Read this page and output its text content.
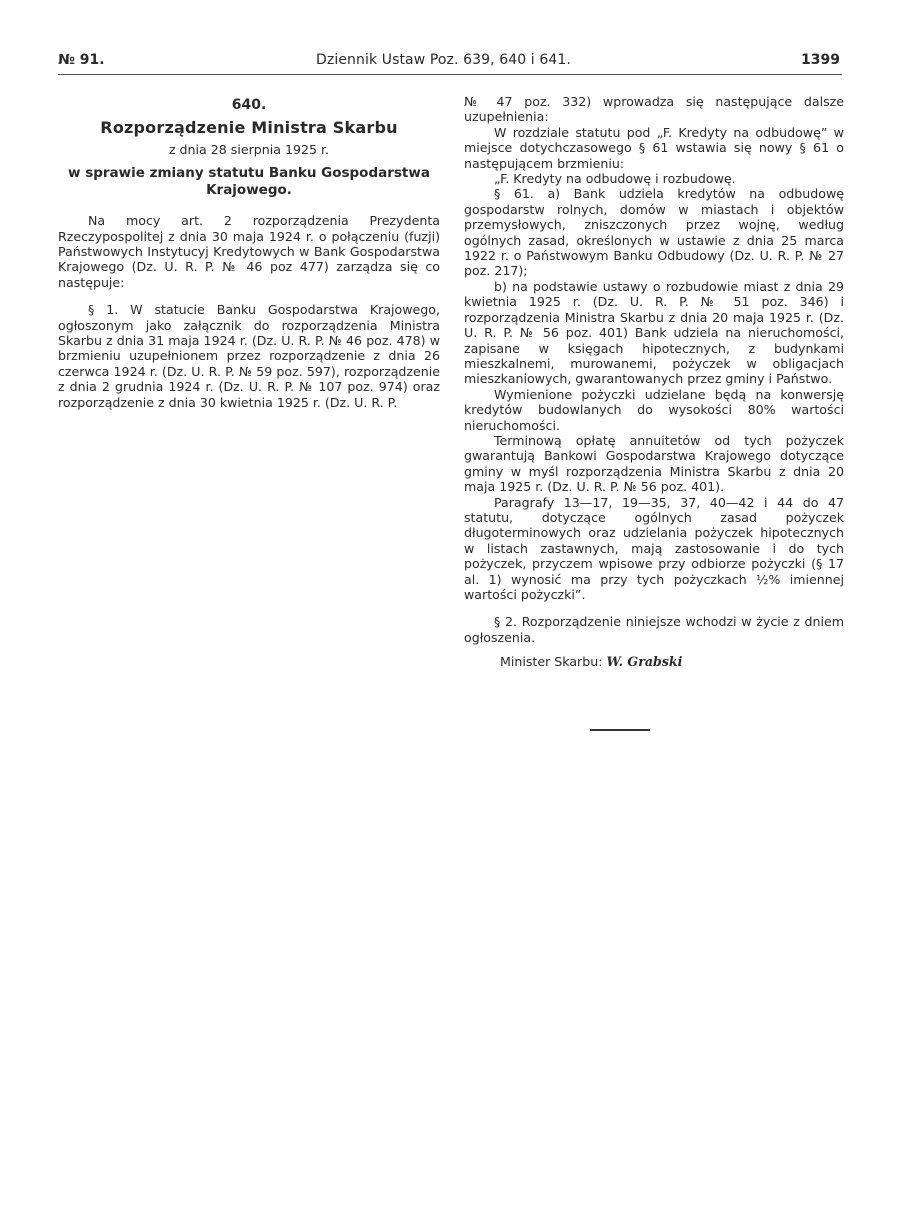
№ 91.	Dziennik Ustaw Poz. 639, 640 i 641.	1399

640.

Rozporządzenie Ministra Skarbu

z dnia 28 sierpnia 1925 r.

w sprawie zmiany statutu Banku Gospodarstwa Krajowego.

Na mocy art. 2 rozporządzenia Prezydenta Rzeczypospolitej z dnia 30 maja 1924 r. o połączeniu (fuzji) Państwowych Instytucyj Kredytowych w Bank Gospodarstwa Krajowego (Dz. U. R. P. № 46 poz 477) zarządza się co następuje:

§ 1. W statucie Banku Gospodarstwa Krajowego, ogłoszonym jako załącznik do rozporządzenia Ministra Skarbu z dnia 31 maja 1924 r. (Dz. U. R. P. № 46 poz. 478) w brzmieniu uzupełnionem przez rozporządzenie z dnia 26 czerwca 1924 r. (Dz. U. R. P. № 59 poz. 597), rozporządzenie z dnia 2 grudnia 1924 r. (Dz. U. R. P. № 107 poz. 974) oraz rozporządzenie z dnia 30 kwietnia 1925 r. (Dz. U. R. P.

№ 47 poz. 332) wprowadza się następujące dalsze uzupełnienia:

W rozdziale statutu pod „F. Kredyty na odbudowę” w miejsce dotychczasowego § 61 wstawia się nowy § 61 o następującem brzmieniu:

„F. Kredyty na odbudowę i rozbudowę.

§ 61. a) Bank udziela kredytów na odbudowę gospodarstw rolnych, domów w miastach i objektów przemysłowych, zniszczonych przez wojnę, według ogólnych zasad, określonych w ustawie z dnia 25 marca 1922 r. o Państwowym Banku Odbudowy (Dz. U. R. P. № 27 poz. 217);

b) na podstawie ustawy o rozbudowie miast z dnia 29 kwietnia 1925 r. (Dz. U. R. P. № 51 poz. 346) i rozporządzenia Ministra Skarbu z dnia 20 maja 1925 r. (Dz. U. R. P. № 56 poz. 401) Bank udziela na nieruchomości, zapisane w księgach hipotecznych, z budynkami mieszkalnemi, murowanemi, pożyczek w obligacjach mieszkaniowych, gwarantowanych przez gminy i Państwo.

Wymienione pożyczki udzielane będą na konwersję kredytów budowlanych do wysokości 80% wartości nieruchomości.

Terminową opłatę annuitetów od tych pożyczek gwarantują Bankowi Gospodarstwa Krajowego dotyczące gminy w myśl rozporządzenia Ministra Skarbu z dnia 20 maja 1925 r. (Dz. U. R. P. № 56 poz. 401).

Paragrafy 13—17, 19—35, 37, 40—42 i 44 do 47 statutu, dotyczące ogólnych zasad pożyczek długoterminowych oraz udzielania pożyczek hipotecznych w listach zastawnych, mają zastosowanie i do tych pożyczek, przyczem wpisowe przy odbiorze pożyczki (§ 17 al. 1) wynosić ma przy tych pożyczkach ½% imiennej wartości pożyczki”.

§ 2. Rozporządzenie niniejsze wchodzi w życie z dniem ogłoszenia.

Minister Skarbu: W. Grabski
